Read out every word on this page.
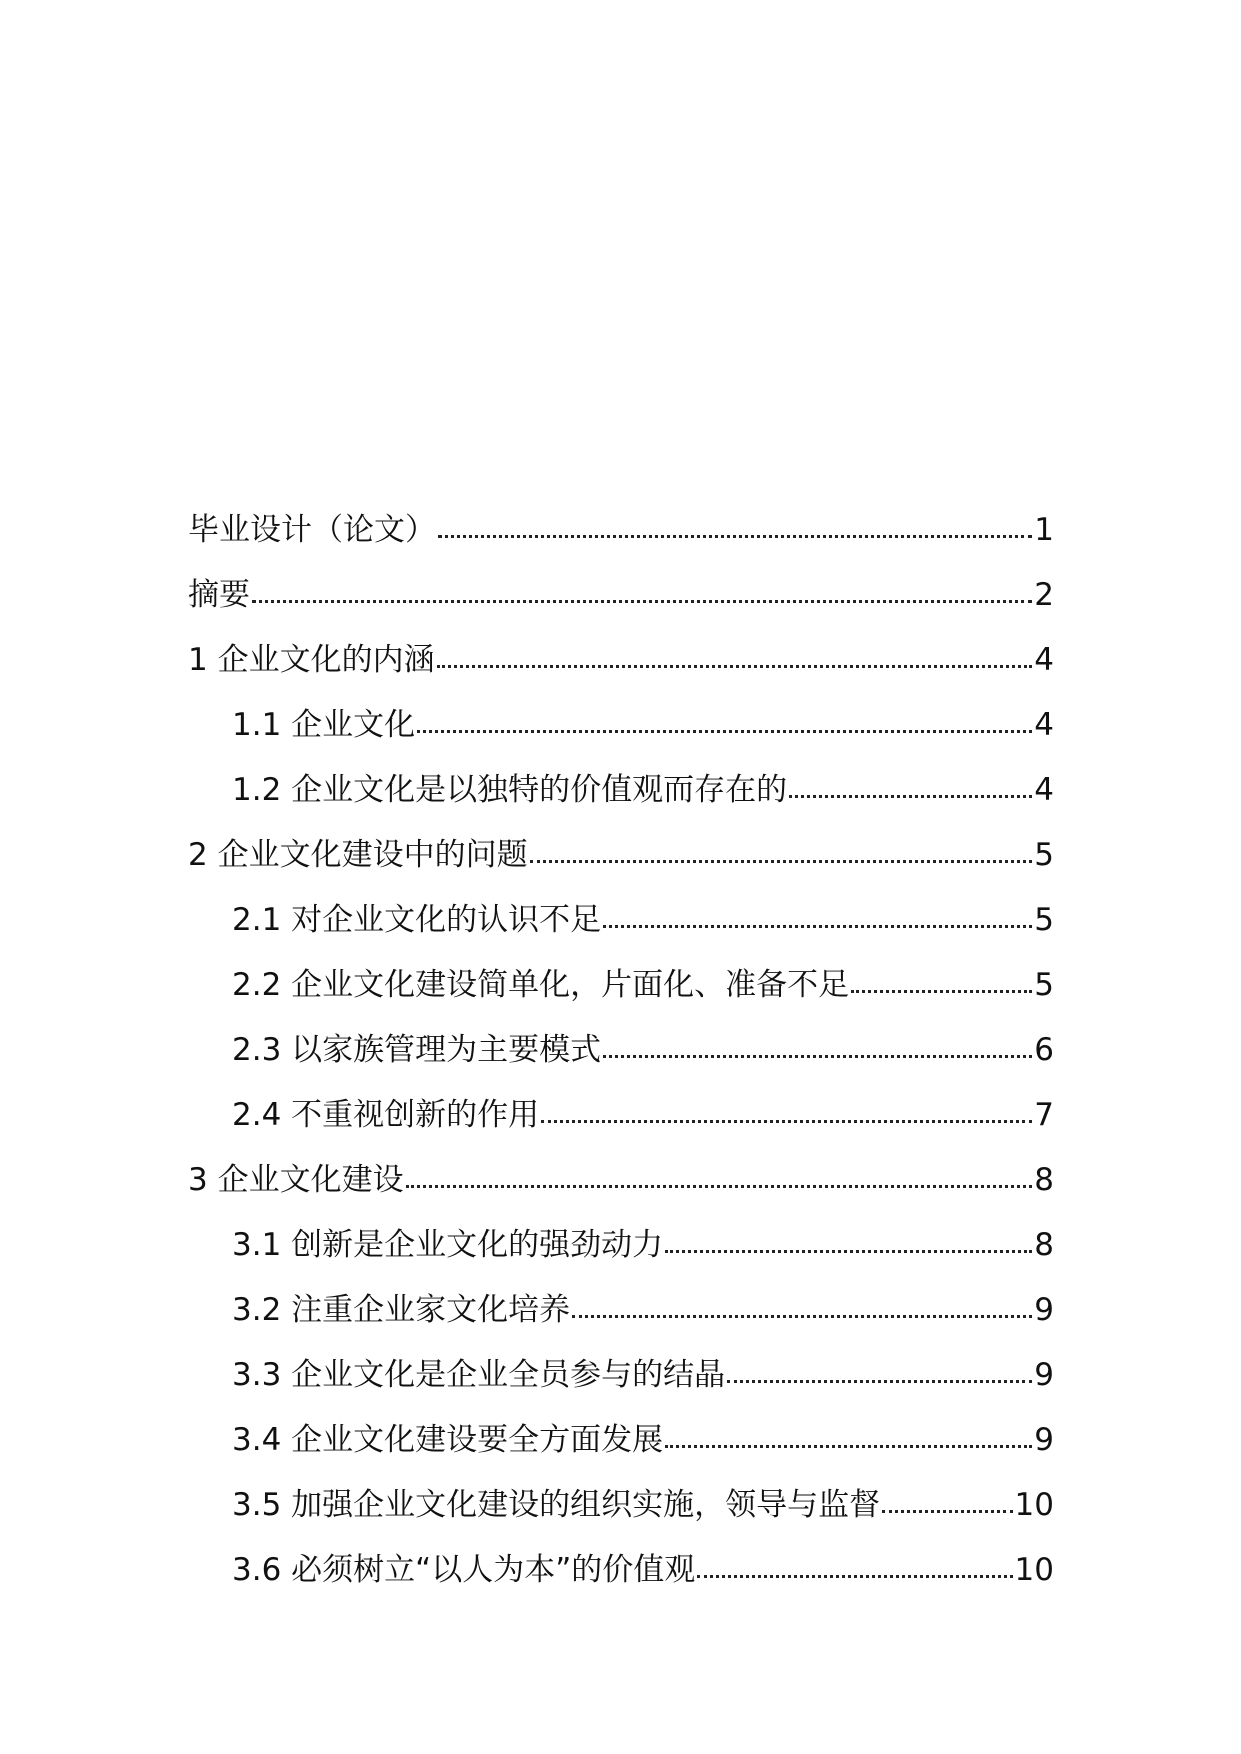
毕业设计（论文）	1
摘要	2
1 企业文化的内涵	4
1.1 企业文化	4
1.2 企业文化是以独特的价值观而存在的	4
2 企业文化建设中的问题	5
2.1 对企业文化的认识不足	5
2.2 企业文化建设简单化，片面化、准备不足	5
2.3 以家族管理为主要模式	6
2.4 不重视创新的作用	7
3 企业文化建设	8
3.1 创新是企业文化的强劲动力	8
3.2 注重企业家文化培养	9
3.3 企业文化是企业全员参与的结晶	9
3.4 企业文化建设要全方面发展	9
3.5 加强企业文化建设的组织实施，领导与监督	10
3.6 必须树立“以人为本”的价值观	10
